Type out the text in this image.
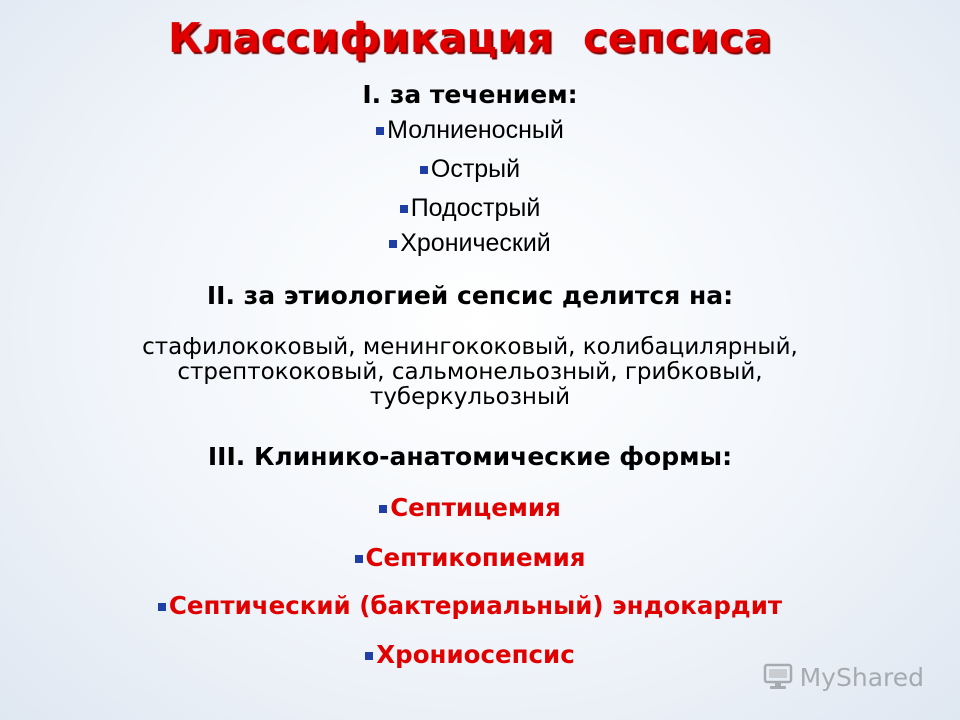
Классификация  сепсиса
I. за течением:
Молниеносный
Острый
Подострый
Хронический
II. за этиологией сепсис делится на:
стафилококовый, менингококовый, колибацилярный,
стрептококовый, сальмонельозный, грибковый,
туберкульозный
III. Клинико-анатомические формы:
Септицемия
Септикопиемия
Септический (бактериальный) эндокардит
Хрониосепсис
MyShared
